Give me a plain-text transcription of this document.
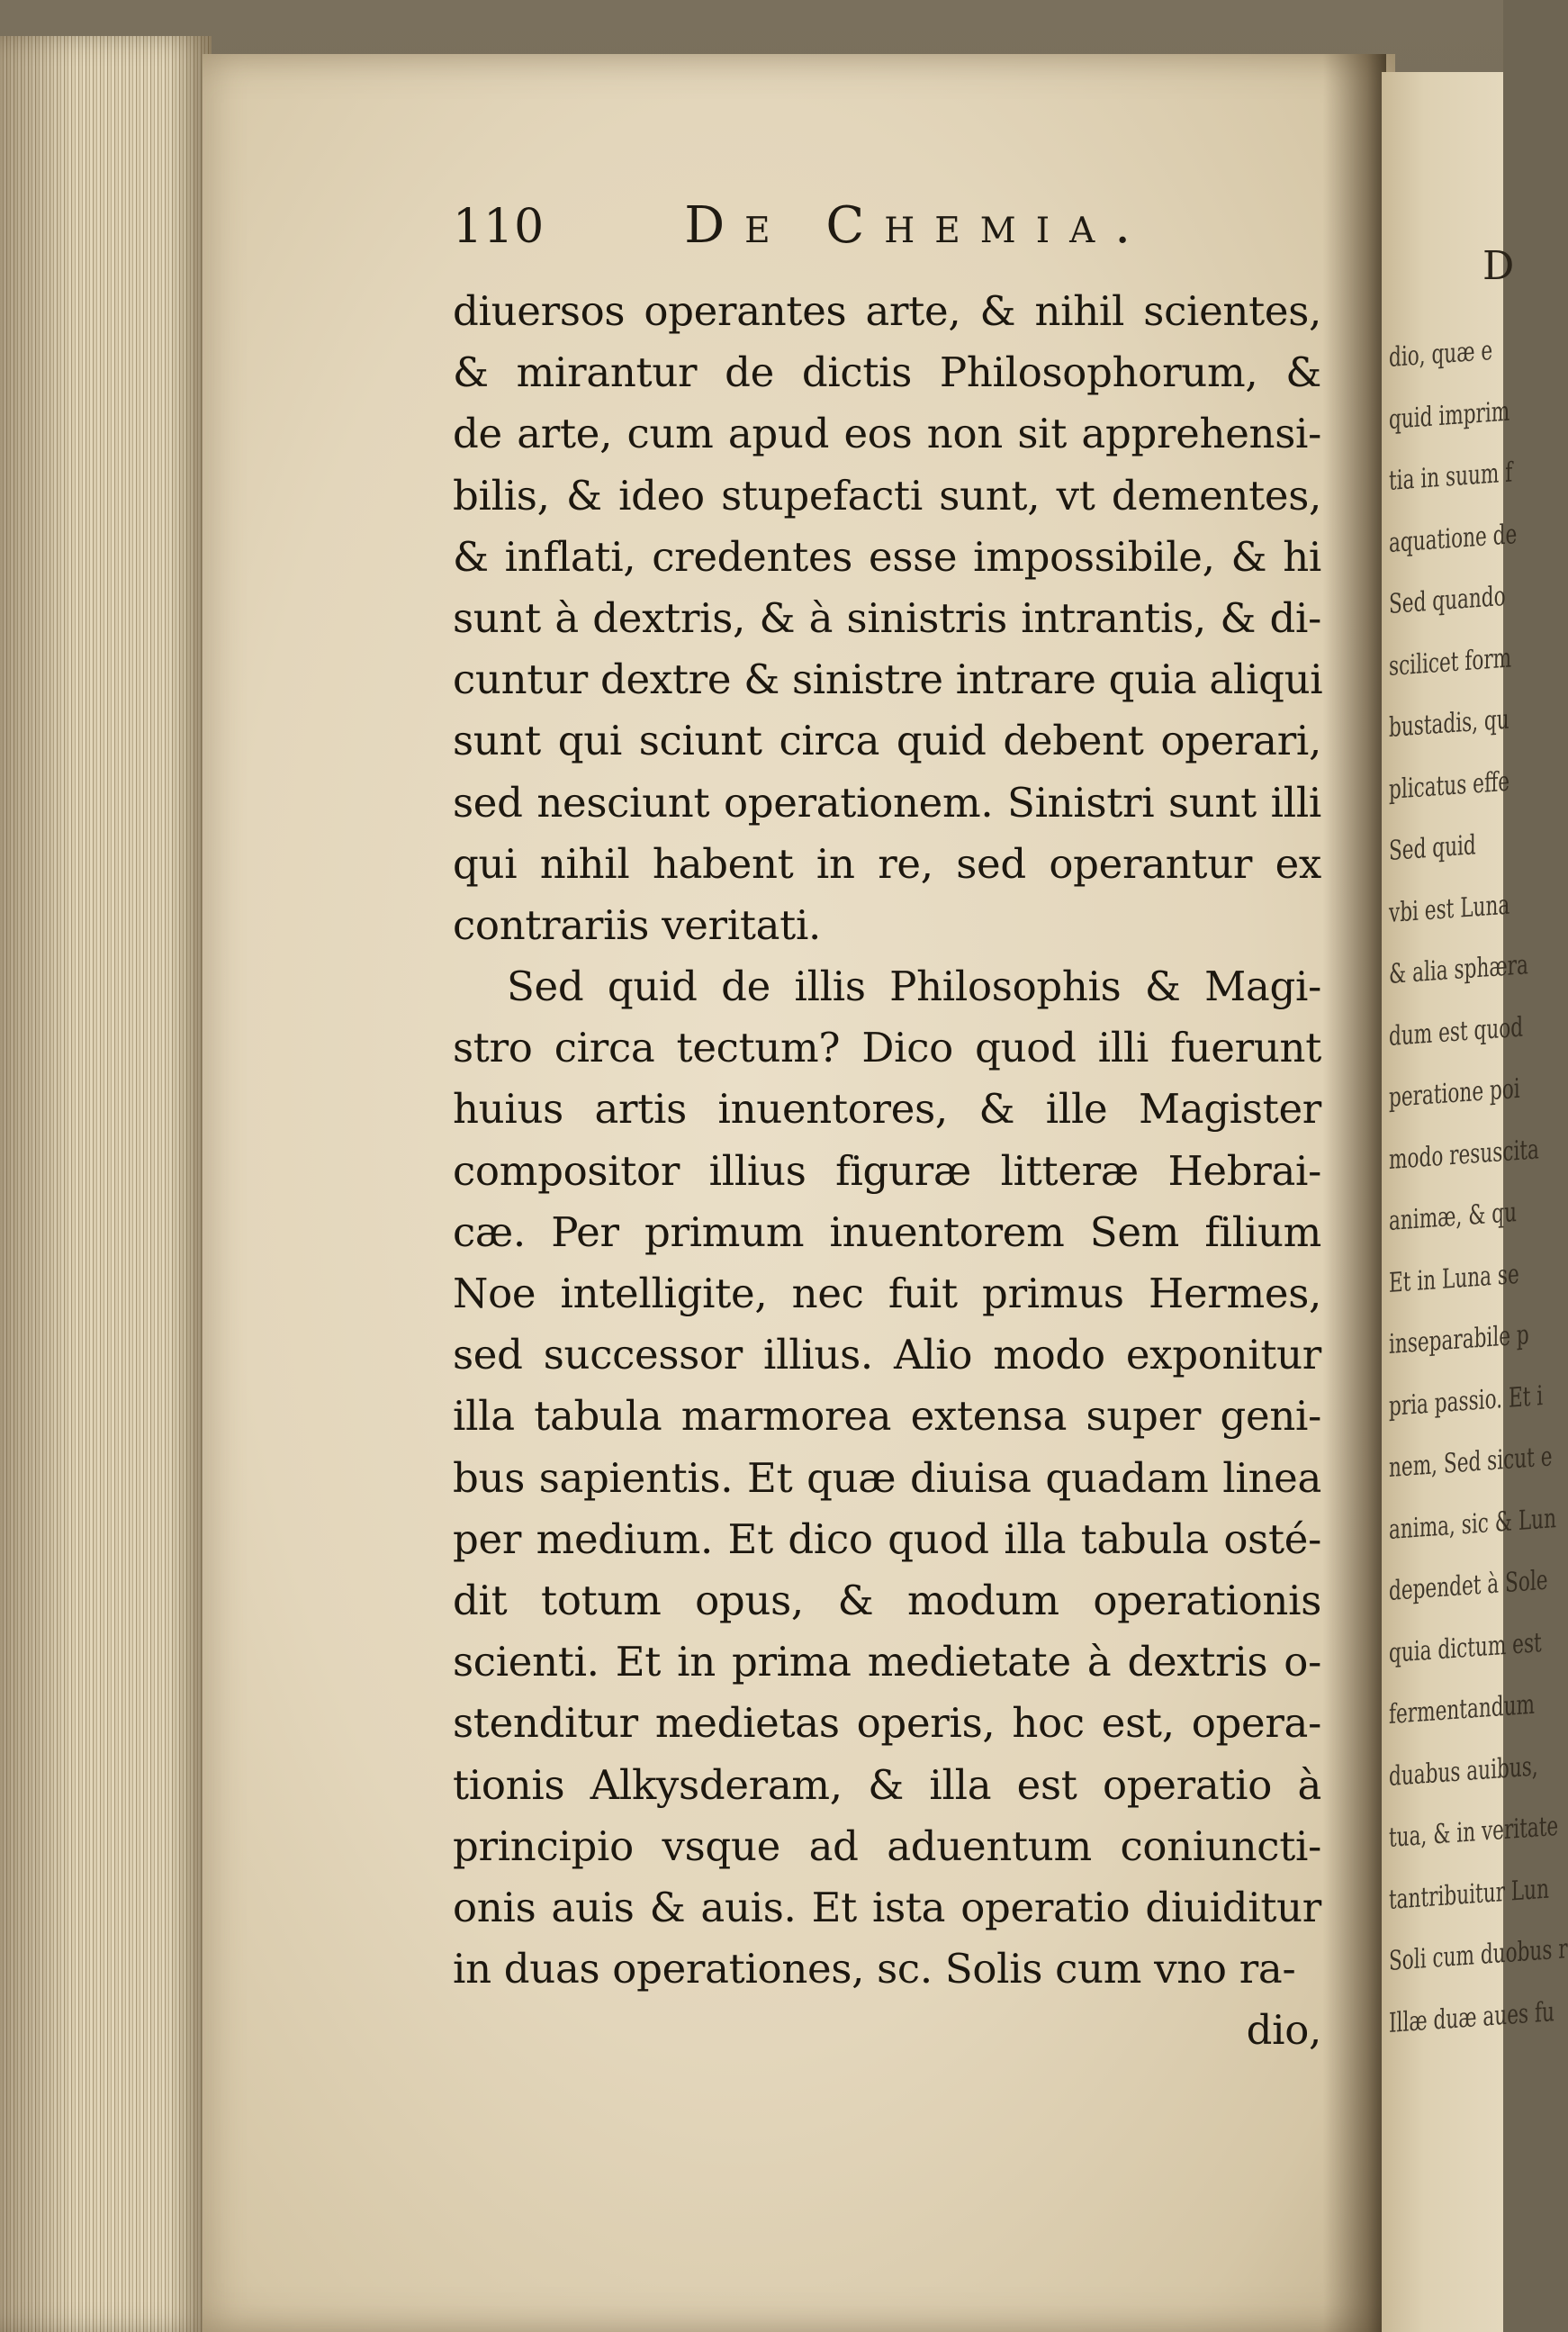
D
dio, quæ e
quid imprim
tia in suum f
aquatione de
Sed quando
scilicet form
bustadis, qu
plicatus effe
Sed quid
vbi est Luna
& alia sphæra
dum est quod
peratione poi
modo resuscita
animæ, & qu
Et in Luna se
inseparabile p
pria passio. Et i
nem, Sed sicut e
anima, sic & Lun
dependet à Sole
quia dictum est
fermentandum
duabus auibus,
tua, & in veritate
tantribuitur Lun
Soli cum duobus r
Illæ duæ aues fu
110	De Chemia.
diuersos operantes arte, & nihil scientes,
& mirantur de dictis Philosophorum, &
de arte, cum apud eos non sit apprehensi-
bilis, & ideo stupefacti sunt, vt dementes,
& inflati, credentes esse impossibile, & hi
sunt à dextris, & à sinistris intrantis, & di-
cuntur dextre & sinistre intrare quia aliqui
sunt qui sciunt circa quid debent operari,
sed nesciunt operationem. Sinistri sunt illi
qui nihil habent in re, sed operantur ex
contrariis veritati.
Sed quid de illis Philosophis & Magi-
stro circa tectum? Dico quod illi fuerunt
huius artis inuentores, & ille Magister
compositor illius figuræ litteræ Hebrai-
cæ. Per primum inuentorem Sem filium
Noe intelligite, nec fuit primus Hermes,
sed successor illius. Alio modo exponitur
illa tabula marmorea extensa super geni-
bus sapientis. Et quæ diuisa quadam linea
per medium. Et dico quod illa tabula osté-
dit totum opus, & modum operationis
scienti. Et in prima medietate à dextris o-
stenditur medietas operis, hoc est, opera-
tionis Alkysderam, & illa est operatio à
principio vsque ad aduentum coniuncti-
onis auis & auis. Et ista operatio diuiditur
in duas operationes, sc. Solis cum vno ra-
dio,
